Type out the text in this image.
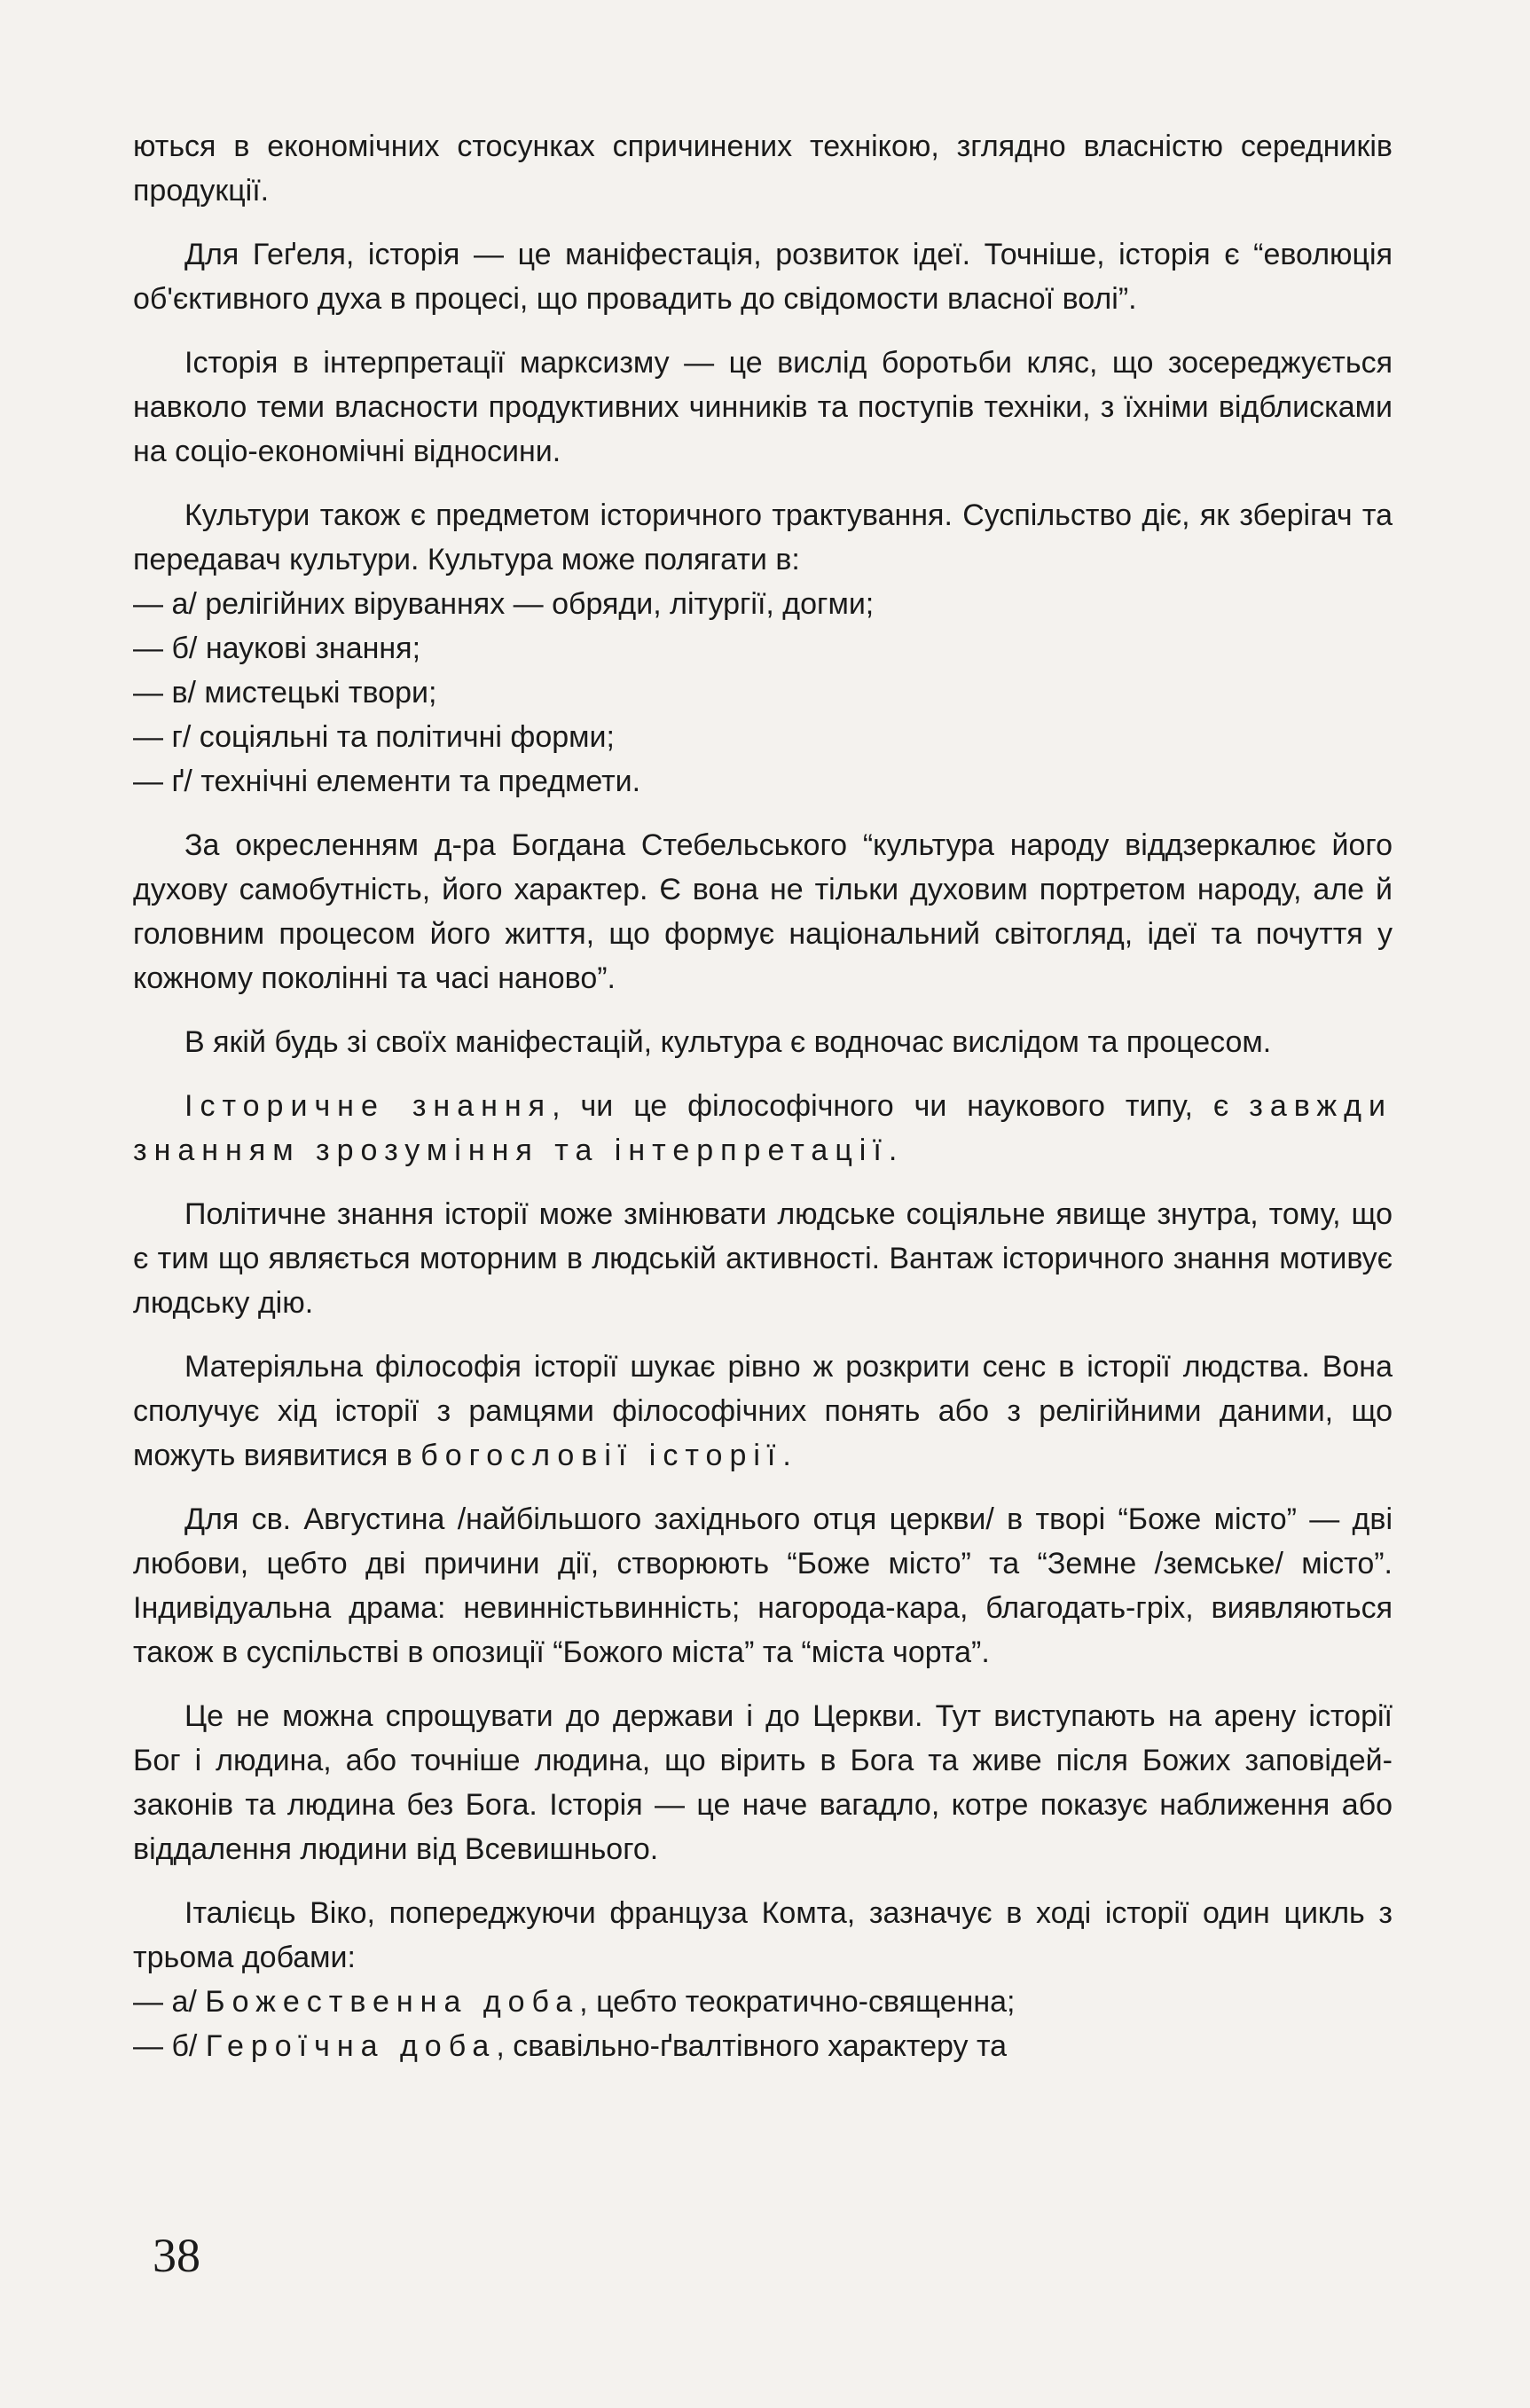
ються в економічних стосунках спричинених технікою, зглядно власністю середників продукції.

Для Геґеля, історія — це маніфестація, розвиток ідеї. Точніше, історія є “еволюція об'єктивного духа в процесі, що провадить до свідомости власної волі”.

Історія в інтерпретації марксизму — це вислід боротьби кляс, що зосереджується навколо теми власности продуктивних чинників та поступів техніки, з їхніми відблисками на соціо-економічні відносини.

Культури також є предметом історичного трактування. Суспільство діє, як зберігач та передавач культури. Культура може полягати в:

— а/ релігійних віруваннях — обряди, літургії, догми;
— б/ наукові знання;
— в/ мистецькі твори;
— г/ соціяльні та політичні форми;
— ґ/ технічні елементи та предмети.

За окресленням д-ра Богдана Стебельського “культура народу віддзеркалює його духову самобутність, його характер. Є вона не тільки духовим портретом народу, але й головним процесом його життя, що формує національний світогляд, ідеї та почуття у кожному поколінні та часі наново”.

В якій будь зі своїх маніфестацій, культура є водночас вислідом та процесом.

Історичне знання, чи це філософічного чи наукового типу, є завжди знанням зрозуміння та інтерпретації.

Політичне знання історії може змінювати людське соціяльне явище знутра, тому, що є тим що являється моторним в людській активності. Вантаж історичного знання мотивує людську дію.

Матеріяльна філософія історії шукає рівно ж розкрити сенс в історії людства. Вона сполучує хід історії з рамцями філософічних понять або з релігійними даними, що можуть виявитися в богословії історії.

Для св. Августина /найбільшого західнього отця церкви/ в творі “Боже місто” — дві любови, цебто дві причини дії, створюють “Боже місто” та “Земне /земське/ місто”. Індивідуальна драма: невинністьвинність; нагорода-кара, благодать-гріх, виявляються також в суспільстві в опозиції “Божого міста” та “міста чорта”.

Це не можна спрощувати до держави і до Церкви. Тут виступають на арену історії Бог і людина, або точніше людина, що вірить в Бога та живе після Божих заповідей-законів та людина без Бога. Історія — це наче вагадло, котре показує наближення або віддалення людини від Всевишнього.

Італієць Віко, попереджуючи француза Комта, зазначує в ході історії один цикль з трьома добами:

— а/ Божественна доба, цебто теократично-священна;
— б/ Героїчна доба, свавільно-ґвалтівного характеру та
38
